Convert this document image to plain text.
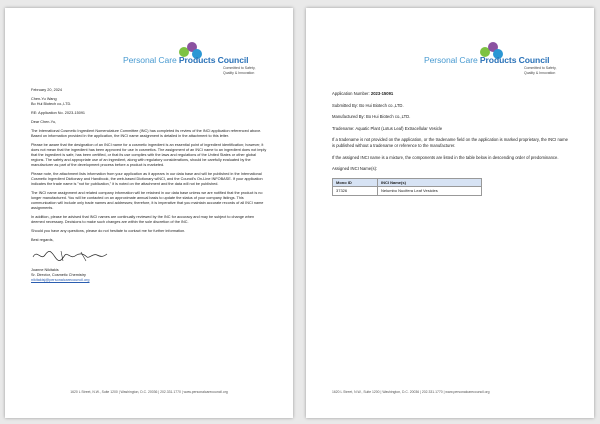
Personal Care Products Council
Committed to Safety,
Quality & Innovation

February 20, 2024

Chen-Yu Wang

Bo Hui Biotech co.,LTD.

RE: Application No. 2023-15091

Dear Chen-Yu,

The International Cosmetic Ingredient Nomenclature Committee (INC) has completed its review of the INCI application referenced above. Based on information provided in the application, the INCI name assignment is detailed in the attachment to this letter.

Please be aware that the designation of an INCI name for a cosmetic ingredient is an essential point of ingredient identification; however, it does not mean that the ingredient has been approved for use in cosmetics. The assignment of an INCI name to an ingredient does not imply that the ingredient is safe, has been certified, or that its use complies with the laws and regulations of the United States or other global regions. The safety and appropriate use of an ingredient, along with regulatory considerations, should be carefully evaluated by the manufacturer as part of the development process before a product is marketed.

Please note, the attachment lists information from your application as it appears in our data base and will be published in the International Cosmetic Ingredient Dictionary and Handbook, the web-based Dictionary wINCI, and the Council's On-Line INFOBASE. If your application indicates the trade name is "not for publication," it is noted on the attachment and the data will not be published.

The INCI name assignment and related company information will be retained in our data base unless we are notified that the product is no longer manufactured. You will be contacted on an approximate annual basis to update the status of your company listings. This communication will include only trade names and addresses; therefore, it is imperative that you maintain accurate records of all INCI name assignments.

In addition, please be advised that INCI names are continually reviewed by the INC for accuracy and may be subject to change when deemed necessary. Decisions to make such changes are within the sole discretion of the INC.

Should you have any questions, please do not hesitate to contact me for further information.

Best regards,

Joanne Nikitakis

Sr. Director, Cosmetic Chemistry

nikitakisj@personalcarecouncil.org

1620 L Street, N.W., Suite 1200 | Washington, D.C. 20036 | 202.331.1770 | www.personalcarecouncil.org
Personal Care Products Council
Committed to Safety,
Quality & Innovation

Application Number: 2023-15091

Submitted By: Bo Hui Biotech co.,LTD.

Manufactured By: Bo Hui Biotech co.,LTD.

Tradename: Aquatic Plant (Lotus Leaf) Extracellular Vesicle

If a tradename is not provided on the application, or the tradename field on the application is marked proprietary, the INCI name is published without a tradename or reference to the manufacturer.

If the assigned INCI name is a mixture, the components are listed in the table below in descending order of predominance.

Assigned INCI Name(s):

Mono ID	INCI Name(s)
37326	Nelumbo Nucifera Leaf Vesicles
1620 L Street, N.W., Suite 1200 | Washington, D.C. 20036 | 202.331.1770 | www.personalcarecouncil.org
